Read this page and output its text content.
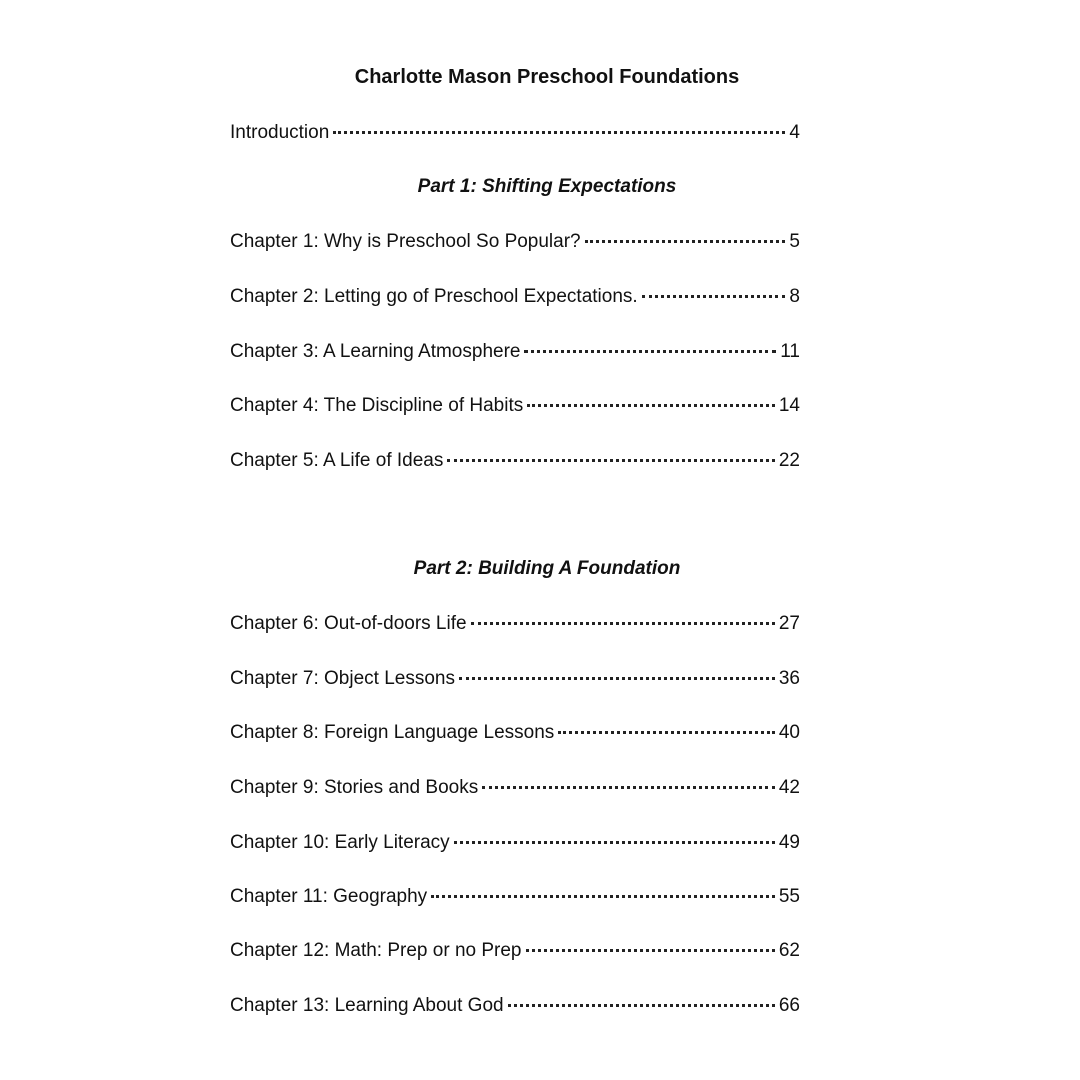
Charlotte Mason Preschool Foundations
Introduction	4
Part 1: Shifting Expectations
Chapter 1: Why is Preschool So Popular?	5
Chapter 2: Letting go of Preschool Expectations.	8
Chapter 3: A Learning Atmosphere	11
Chapter 4: The Discipline of Habits	14
Chapter 5: A Life of Ideas	22
Part 2: Building A Foundation
Chapter 6: Out-of-doors Life	27
Chapter 7: Object Lessons	36
Chapter 8: Foreign Language Lessons	40
Chapter 9: Stories and Books	42
Chapter 10: Early Literacy	49
Chapter 11: Geography	55
Chapter 12: Math: Prep or no Prep	62
Chapter 13: Learning About God	66
